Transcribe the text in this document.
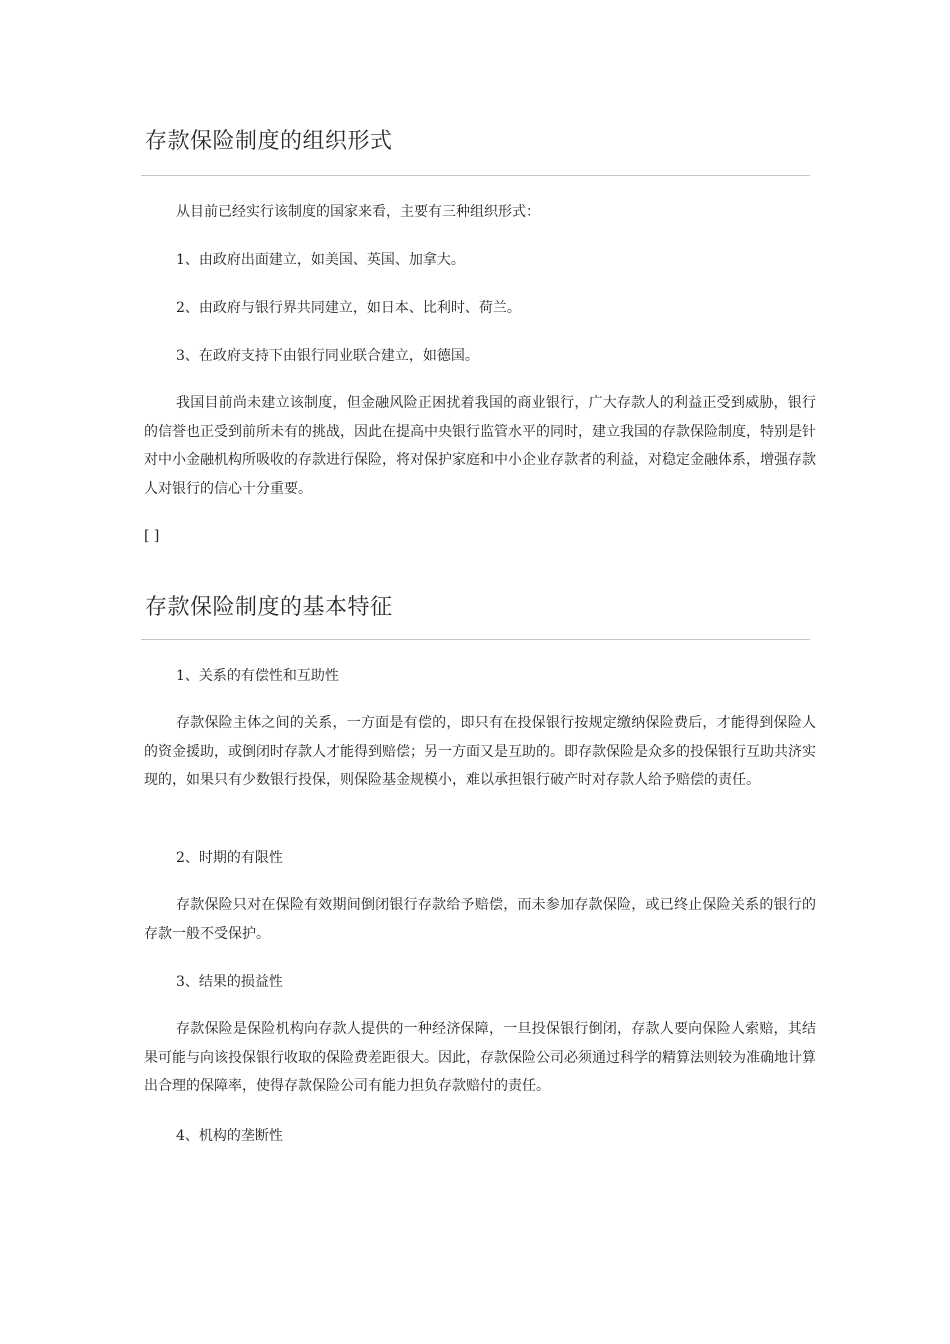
存款保险制度的组织形式

从目前已经实行该制度的国家来看，主要有三种组织形式：

1、由政府出面建立，如美国、英国、加拿大。

2、由政府与银行界共同建立，如日本、比利时、荷兰。

3、在政府支持下由银行同业联合建立，如德国。

我国目前尚未建立该制度，但金融风险正困扰着我国的商业银行，广大存款人的利益正受到威胁，银行的信誉也正受到前所未有的挑战，因此在提高中央银行监管水平的同时，建立我国的存款保险制度，特别是针对中小金融机构所吸收的存款进行保险，将对保护家庭和中小企业存款者的利益，对稳定金融体系，增强存款人对银行的信心十分重要。

[ ]

存款保险制度的基本特征

1、关系的有偿性和互助性

存款保险主体之间的关系，一方面是有偿的，即只有在投保银行按规定缴纳保险费后，才能得到保险人的资金援助，或倒闭时存款人才能得到赔偿；另一方面又是互助的。即存款保险是众多的投保银行互助共济实现的，如果只有少数银行投保，则保险基金规模小，难以承担银行破产时对存款人给予赔偿的责任。

2、时期的有限性

存款保险只对在保险有效期间倒闭银行存款给予赔偿，而未参加存款保险，或已终止保险关系的银行的存款一般不受保护。

3、结果的损益性

存款保险是保险机构向存款人提供的一种经济保障，一旦投保银行倒闭，存款人要向保险人索赔，其结果可能与向该投保银行收取的保险费差距很大。因此，存款保险公司必须通过科学的精算法则较为准确地计算出合理的保障率，使得存款保险公司有能力担负存款赔付的责任。

4、机构的垄断性
